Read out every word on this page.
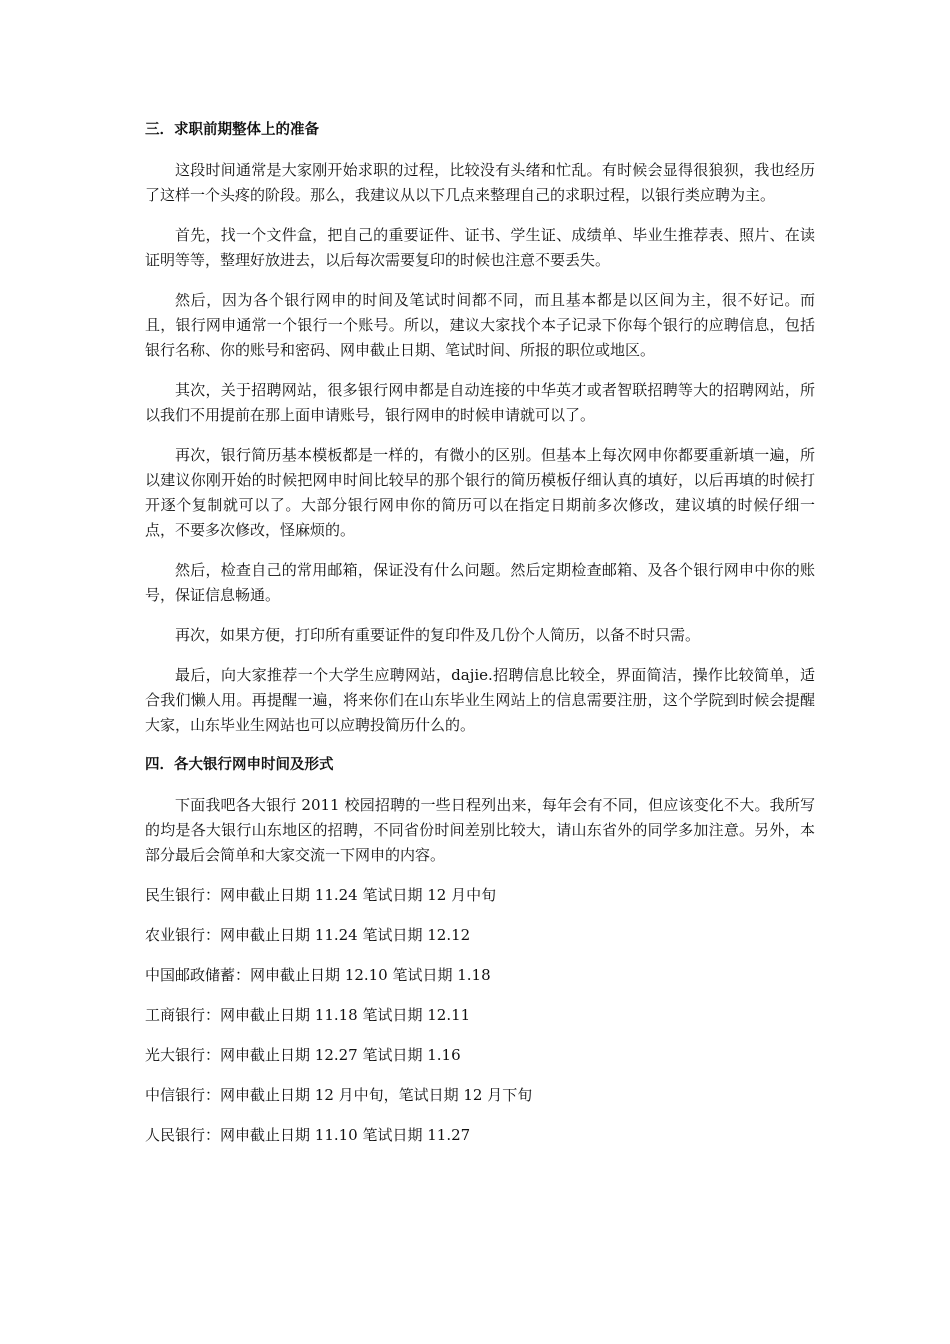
三．求职前期整体上的准备

这段时间通常是大家刚开始求职的过程，比较没有头绪和忙乱。有时候会显得很狼狈，我也经历了这样一个头疼的阶段。那么，我建议从以下几点来整理自己的求职过程，以银行类应聘为主。

首先，找一个文件盒，把自己的重要证件、证书、学生证、成绩单、毕业生推荐表、照片、在读证明等等，整理好放进去，以后每次需要复印的时候也注意不要丢失。

然后，因为各个银行网申的时间及笔试时间都不同，而且基本都是以区间为主，很不好记。而且，银行网申通常一个银行一个账号。所以，建议大家找个本子记录下你每个银行的应聘信息，包括银行名称、你的账号和密码、网申截止日期、笔试时间、所报的职位或地区。

其次，关于招聘网站，很多银行网申都是自动连接的中华英才或者智联招聘等大的招聘网站，所以我们不用提前在那上面申请账号，银行网申的时候申请就可以了。

再次，银行简历基本模板都是一样的，有微小的区别。但基本上每次网申你都要重新填一遍，所以建议你刚开始的时候把网申时间比较早的那个银行的简历模板仔细认真的填好，以后再填的时候打开逐个复制就可以了。大部分银行网申你的简历可以在指定日期前多次修改，建议填的时候仔细一点，不要多次修改，怪麻烦的。

然后，检查自己的常用邮箱，保证没有什么问题。然后定期检查邮箱、及各个银行网申中你的账号，保证信息畅通。

再次，如果方便，打印所有重要证件的复印件及几份个人简历，以备不时只需。

最后，向大家推荐一个大学生应聘网站，dajie.招聘信息比较全，界面简洁，操作比较简单，适合我们懒人用。再提醒一遍，将来你们在山东毕业生网站上的信息需要注册，这个学院到时候会提醒大家，山东毕业生网站也可以应聘投简历什么的。

四．各大银行网申时间及形式

下面我吧各大银行 2011 校园招聘的一些日程列出来，每年会有不同，但应该变化不大。我所写的均是各大银行山东地区的招聘，不同省份时间差别比较大，请山东省外的同学多加注意。另外，本部分最后会简单和大家交流一下网申的内容。

民生银行：网申截止日期 11.24 笔试日期 12 月中旬

农业银行：网申截止日期 11.24 笔试日期 12.12

中国邮政储蓄：网申截止日期 12.10 笔试日期 1.18

工商银行：网申截止日期 11.18 笔试日期 12.11

光大银行：网申截止日期 12.27 笔试日期 1.16

中信银行：网申截止日期 12 月中旬，笔试日期 12 月下旬

人民银行：网申截止日期 11.10 笔试日期 11.27
